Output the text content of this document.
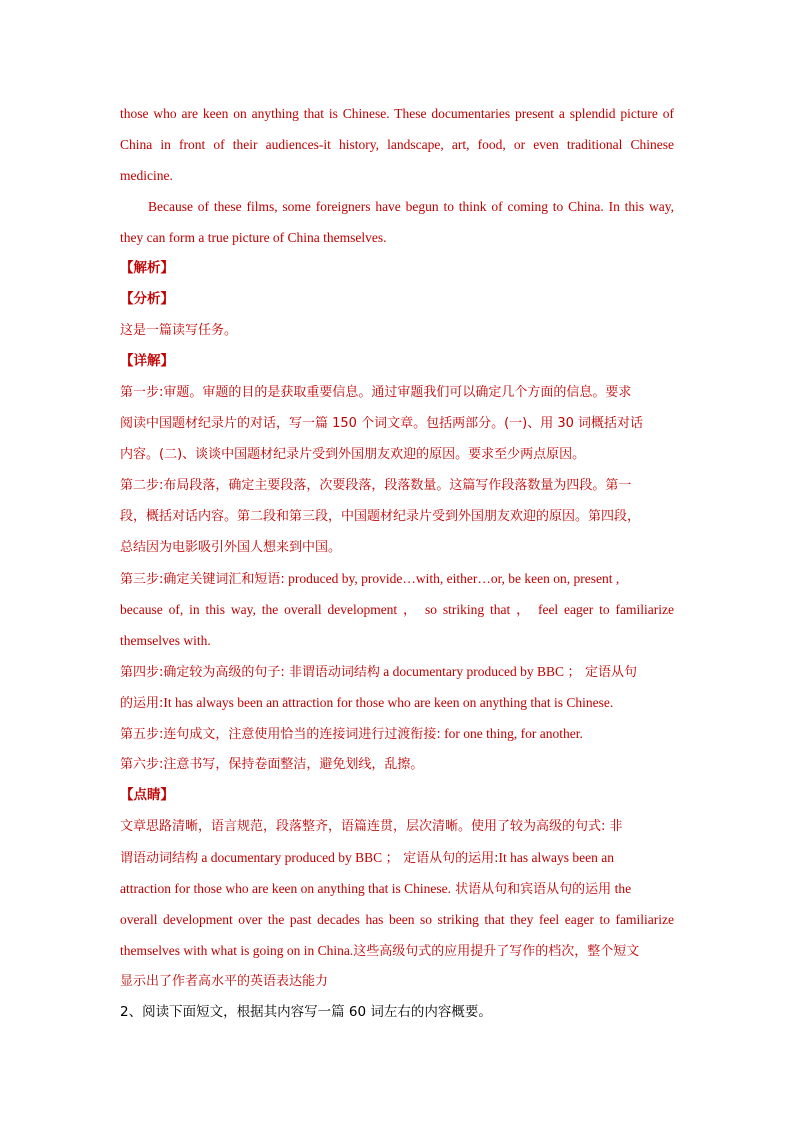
those who are keen on anything that is Chinese. These documentaries present a splendid picture of
China in front of their audiences-it history, landscape, art, food, or even traditional Chinese
medicine.
Because of these films, some foreigners have begun to think of coming to China. In this way,
they can form a true picture of China themselves.
【解析】
【分析】
这是一篇读写任务。
【详解】
第一步:审题。审题的目的是获取重要信息。通过审题我们可以确定几个方面的信息。要求
阅读中国题材纪录片的对话，写一篇 150 个词文章。包括两部分。(一)、用 30 词概括对话
内容。(二)、谈谈中国题材纪录片受到外国朋友欢迎的原因。要求至少两点原因。
第二步:布局段落，确定主要段落，次要段落，段落数量。这篇写作段落数量为四段。第一
段，概括对话内容。第二段和第三段，中国题材纪录片受到外国朋友欢迎的原因。第四段，
总结因为电影吸引外国人想来到中国。
第三步:确定关键词汇和短语: produced by, provide…with, either…or, be keen on, present ,
because of, in this way, the overall development ， so striking that ， feel eager to familiarize
themselves with.
第四步:确定较为高级的句子: 非谓语动词结构 a documentary produced by BBC ； 定语从句
的运用:It has always been an attraction for those who are keen on anything that is Chinese.
第五步:连句成文，注意使用恰当的连接词进行过渡衔接: for one thing, for another.
第六步:注意书写，保持卷面整洁，避免划线，乱擦。
【点睛】
文章思路清晰，语言规范，段落整齐，语篇连贯，层次清晰。使用了较为高级的句式: 非
谓语动词结构 a documentary produced by BBC ； 定语从句的运用:It has always been an
attraction for those who are keen on anything that is Chinese. 状语从句和宾语从句的运用 the
overall development over the past decades has been so striking that they feel eager to familiarize
themselves with what is going on in China.这些高级句式的应用提升了写作的档次，整个短文
显示出了作者高水平的英语表达能力
2、阅读下面短文，根据其内容写一篇 60 词左右的内容概要。
